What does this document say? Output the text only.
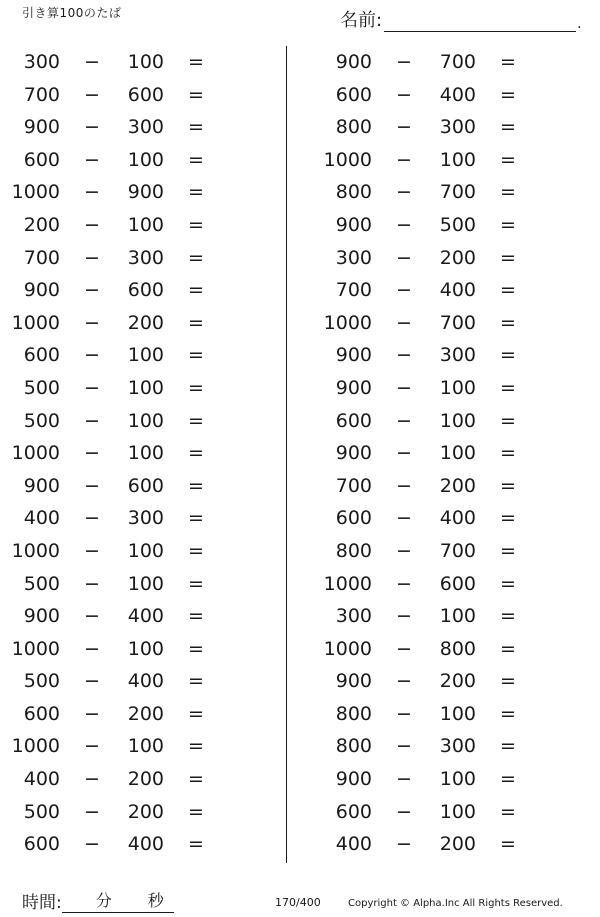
引き算100のたば	名前:	.
300 − 100 =
700 − 600 =
900 − 300 =
600 − 100 =
1000 − 900 =
200 − 100 =
700 − 300 =
900 − 600 =
1000 − 200 =
600 − 100 =
500 − 100 =
500 − 100 =
1000 − 100 =
900 − 600 =
400 − 300 =
1000 − 100 =
500 − 100 =
900 − 400 =
1000 − 100 =
500 − 400 =
600 − 200 =
1000 − 100 =
400 − 200 =
500 − 200 =
600 − 400 =
900 − 700 =
600 − 400 =
800 − 300 =
1000 − 100 =
800 − 700 =
900 − 500 =
300 − 200 =
700 − 400 =
1000 − 700 =
900 − 300 =
900 − 100 =
600 − 100 =
900 − 100 =
700 − 200 =
600 − 400 =
800 − 700 =
1000 − 600 =
300 − 100 =
1000 − 800 =
900 − 200 =
800 − 100 =
800 − 300 =
900 − 100 =
600 − 100 =
400 − 200 =
時間: 分 秒	170/400	Copyright © Alpha.Inc All Rights Reserved.
